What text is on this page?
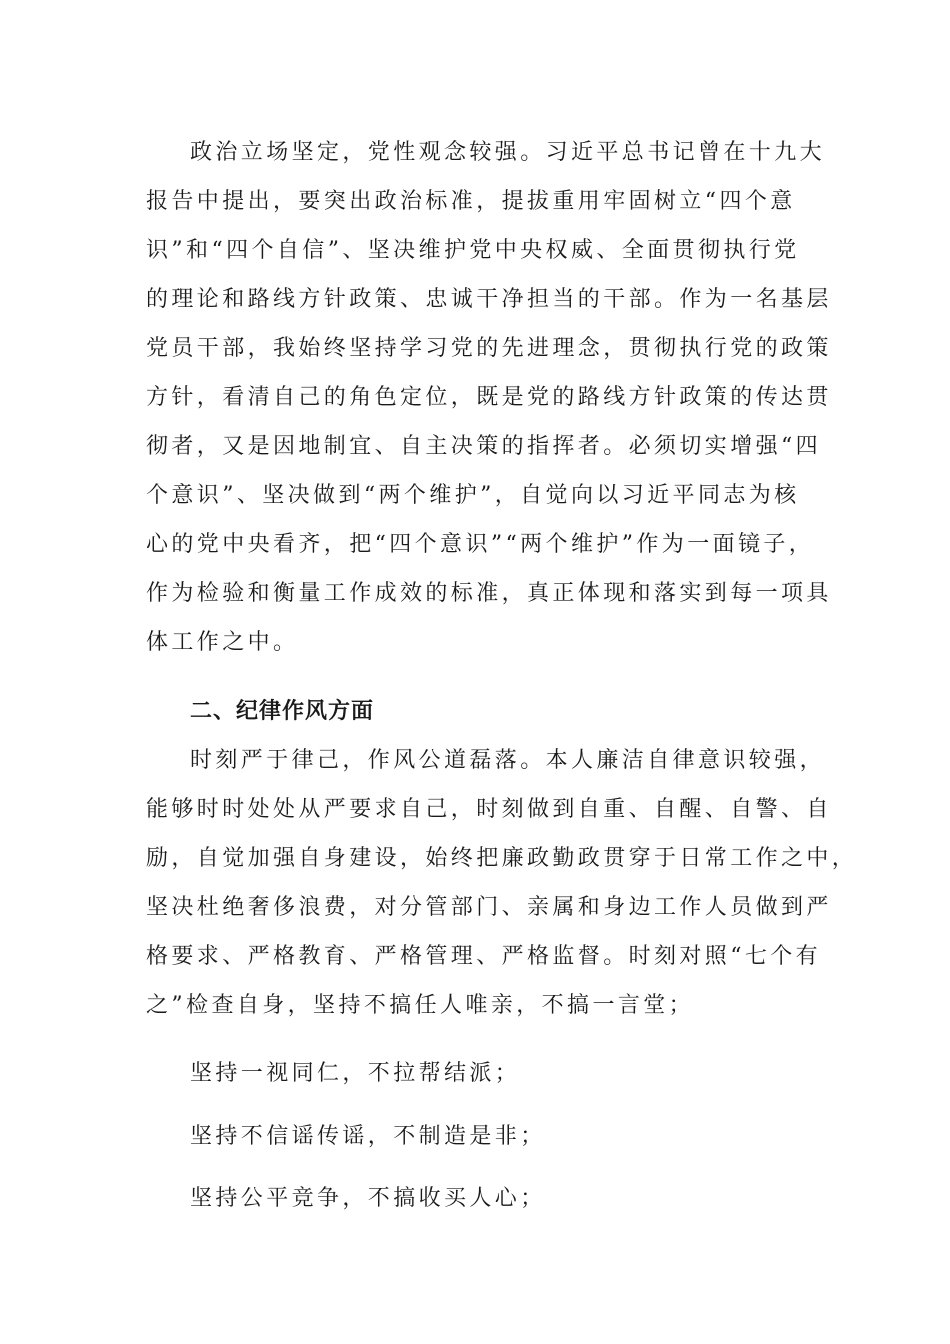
政治立场坚定，党性观念较强。习近平总书记曾在十九大
报告中提出，要突出政治标准，提拔重用牢固树立“四个意
识”和“四个自信”、坚决维护党中央权威、全面贯彻执行党
的理论和路线方针政策、忠诚干净担当的干部。作为一名基层
党员干部，我始终坚持学习党的先进理念，贯彻执行党的政策
方针，看清自己的角色定位，既是党的路线方针政策的传达贯
彻者，又是因地制宜、自主决策的指挥者。必须切实增强“四
个意识”、坚决做到“两个维护”，自觉向以习近平同志为核
心的党中央看齐，把“四个意识”“两个维护”作为一面镜子，
作为检验和衡量工作成效的标准，真正体现和落实到每一项具
体工作之中。
二、纪律作风方面
时刻严于律己，作风公道磊落。本人廉洁自律意识较强，
能够时时处处从严要求自己，时刻做到自重、自醒、自警、自
励，自觉加强自身建设，始终把廉政勤政贯穿于日常工作之中，
坚决杜绝奢侈浪费，对分管部门、亲属和身边工作人员做到严
格要求、严格教育、严格管理、严格监督。时刻对照“七个有
之”检查自身，坚持不搞任人唯亲，不搞一言堂；
坚持一视同仁，不拉帮结派；
坚持不信谣传谣，不制造是非；
坚持公平竞争，不搞收买人心；
